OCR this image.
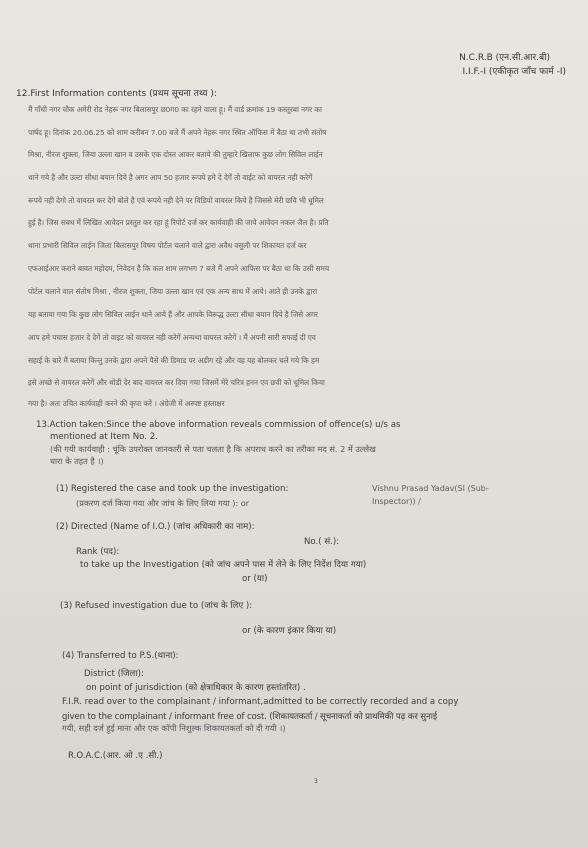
N.C.R.B (एन.सी.आर.बी)
I.I.F.-I (एकीकृत जाँच फार्म -I)
12.First Information contents (प्रथम सूचना तथ्य ):
मैं गाँधी नगर चौक अमेरी रोड नेहरू नगर बिलासपुर छ0ग0 का रहने वाला हू। मैं वार्ड क्रमांक 19 कस्तूरबा नगर का
पार्षद हू। दिनांक 20.06.25 को शाम करीबन 7.00 बजे मैं अपने नेहरू नगर स्थित ऑफिस में बैठा था तभी संतोष
मिश्रा, नीरज शुक्ला, जिया उल्ला खान व उसके एक दोस्त आकर बताये की तुम्हारे खिलाफ कुछ लोग सिविल लाईन
थाने गये है और उल्टा सीधा बयान दिये है अगर आप 50 हजार रूपये हमे दे देगें तो वाईट को वायरल नही करेगें
रूपये नही देगो तो वायरल कर देगें बोले है एवं रूपये नही देने पर विडियो वायरल किये है जिससे मेरी छवि भी धूमिल
हुई है। जिस सबध में लिखित आवेदन प्रस्तुत कर रहा हूं रिपोर्ट दर्ज कर कार्यवाही की जाये आवेदन नकल जैल है। प्रति
थाना प्रभारी सिविल लाईन जिला बिलासपुर विषय पोर्टल चलाने वाले द्वारा अवैध वसुली पर शिकायत दर्ज कर
एफआईआर कराने बावत महोदय, निवेदन है कि कल शाम लगभग 7 बजे मैं अपने आफिस पर बैठा था कि उसी समय
पोर्टल चलाने वाल संतोष मिश्रा , नीरज शुक्ला, जिया उल्ला खान एवं एक अन्य साथ में आये। आते ही उनके द्वारा
यह बताया गया कि कुछ लोग सिविल लाईन थाने आये हैं और आपके विरूद्ध उल्टा सीधा बयान दिये है जिसे अगर
आप हमे पचास हजार दे देगें तो वाइट को वायरल नही करेगें अन्यथा वायरल करेगें । मैं अपनी सारी सफाई दी एव
सहाई के बारे मैं बताया किन्तु उनके द्वारा अपने पैसे की डिमाड पर अडीग रहे और वह यह बोलकर चले गये कि हम
इसे अच्छे से वायरल करेगें और थोडी देर बाद वायरल कर दिया गया जिसमें मेरे चरित्र हनन एव छवी को धूमिल किया
गया है। अतः उचित कार्यवाही करने की कृपा करें । अंग्रेजी में अस्पष्ट हस्ताक्षर
13.Action taken:Since the above information reveals commission of offence(s) u/s as
mentioned at Item No. 2.
(की गयी कार्यवाही : चूंकि उपरोक्त जानकारी से पता चलता है कि अपराध करने का तरीका मद सं. 2 में उल्लेख
धारा के तहत है ।)
(1) Registered the case and took up the investigation:
(प्रकरण दर्ज किया गया और जांच के लिए लिया गया ): or
Vishnu Prasad Yadav(SI (Sub-
Inspector)) /
(2) Directed (Name of I.O.) (जांच अधिकारी का नाम):
No.( सं.):
Rank (पद):
to take up the Investigation (को जांच अपने पास में लेने के लिए निर्देश दिया गया)
or (या)
(3) Refused investigation due to (जांच के लिए ):
or (के कारण इंकार किया या)
(4) Transferred to P.S.(थाना):
District (जिला):
on point of jurisdiction (को क्षेत्राधिकार के कारण हस्तांतरित) .
F.I.R. read over to the complainant / informant,admitted to be correctly recorded and a copy
given to the complainant / informant free of cost. (शिकायतकर्ता / सूचनाकर्ता को प्राथमिकी पढ़ कर सुनाई
गयी, सही दर्ज हुई माना और एक कॉपी निशुल्क शिकायतकर्ता को दी गयी ।)
R.O.A.C.(आर. ओ .ए .सी.)
3
